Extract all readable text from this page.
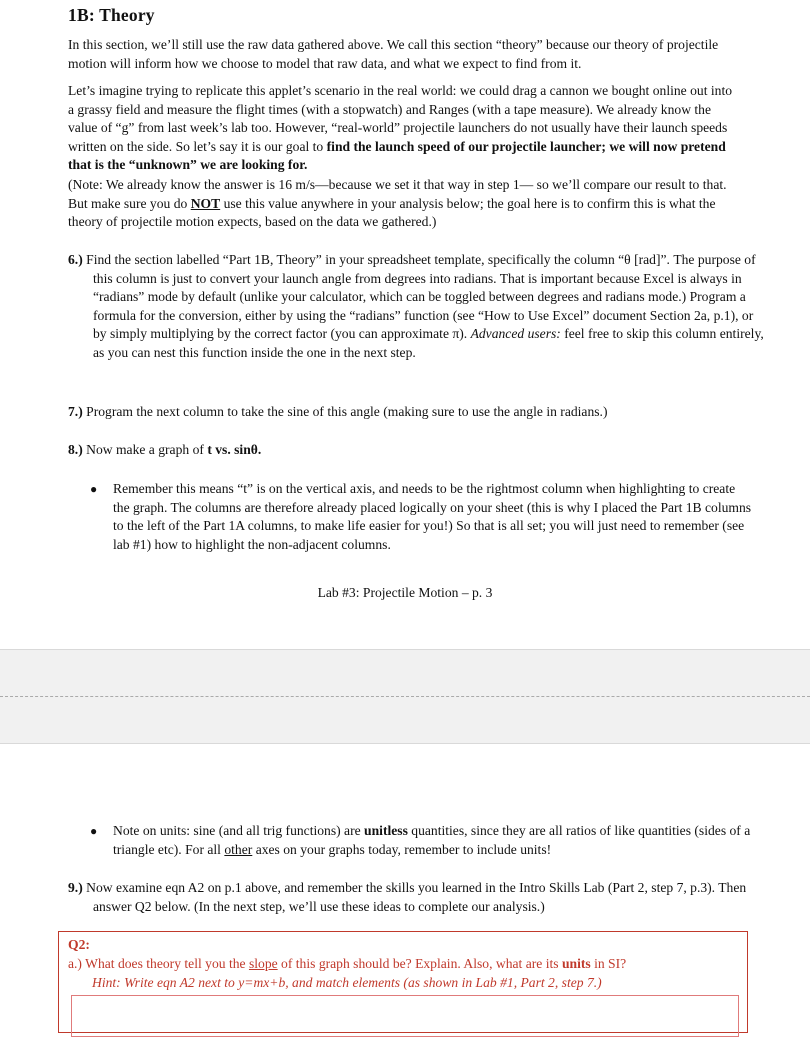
1B: Theory

In this section, we’ll still use the raw data gathered above. We call this section “theory” because our theory of projectile motion will inform how we choose to model that raw data, and what we expect to find from it.

Let’s imagine trying to replicate this applet’s scenario in the real world: we could drag a cannon we bought online out into a grassy field and measure the flight times (with a stopwatch) and Ranges (with a tape measure). We already know the value of “g” from last week’s lab too. However, “real-world” projectile launchers do not usually have their launch speeds written on the side. So let’s say it is our goal to find the launch speed of our projectile launcher; we will now pretend that is the “unknown” we are looking for.

(Note: We already know the answer is 16 m/s—because we set it that way in step 1— so we’ll compare our result to that. But make sure you do NOT use this value anywhere in your analysis below; the goal here is to confirm this is what the theory of projectile motion expects, based on the data we gathered.)

6.) Find the section labelled “Part 1B, Theory” in your spreadsheet template, specifically the column “θ [rad]”. The purpose of this column is just to convert your launch angle from degrees into radians. That is important because Excel is always in “radians” mode by default (unlike your calculator, which can be toggled between degrees and radians mode.) Program a formula for the conversion, either by using the “radians” function (see “How to Use Excel” document Section 2a, p.1), or by simply multiplying by the correct factor (you can approximate π). Advanced users: feel free to skip this column entirely, as you can nest this function inside the one in the next step.

7.) Program the next column to take the sine of this angle (making sure to use the angle in radians.)

8.) Now make a graph of t vs. sinθ.

● Remember this means “t” is on the vertical axis, and needs to be the rightmost column when highlighting to create the graph. The columns are therefore already placed logically on your sheet (this is why I placed the Part 1B columns to the left of the Part 1A columns, to make life easier for you!) So that is all set; you will just need to remember (see lab #1) how to highlight the non-adjacent columns.
Lab #3: Projectile Motion – p. 3
● Note on units: sine (and all trig functions) are unitless quantities, since they are all ratios of like quantities (sides of a triangle etc). For all other axes on your graphs today, remember to include units!

9.) Now examine eqn A2 on p.1 above, and remember the skills you learned in the Intro Skills Lab (Part 2, step 7, p.3). Then answer Q2 below. (In the next step, we’ll use these ideas to complete our analysis.)

Q2:
a.) What does theory tell you the slope of this graph should be? Explain. Also, what are its units in SI?
Hint: Write eqn A2 next to y=mx+b, and match elements (as shown in Lab #1, Part 2, step 7.)
